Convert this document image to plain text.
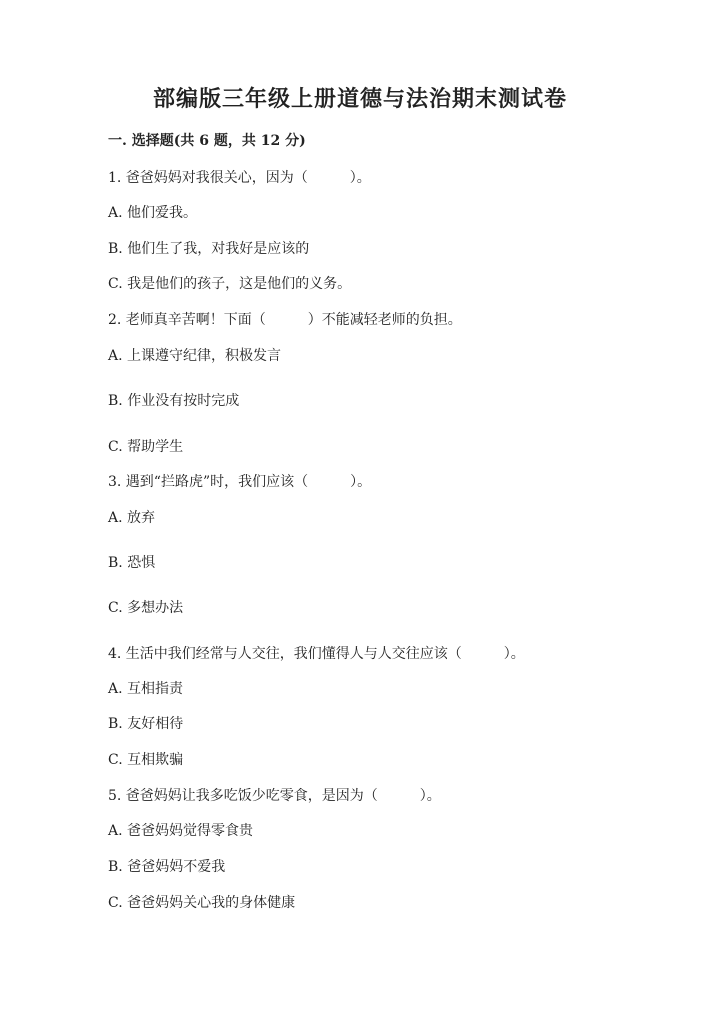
部编版三年级上册道德与法治期末测试卷
一. 选择题(共 6 题，共 12 分)
1. 爸爸妈妈对我很关心，因为（　　　）。
A. 他们爱我。
B. 他们生了我，对我好是应该的
C. 我是他们的孩子，这是他们的义务。
2. 老师真辛苦啊！下面（　　　）不能减轻老师的负担。
A. 上课遵守纪律，积极发言
B. 作业没有按时完成
C. 帮助学生
3. 遇到“拦路虎”时，我们应该（　　　）。
A. 放弃
B. 恐惧
C. 多想办法
4. 生活中我们经常与人交往，我们懂得人与人交往应该（　　　）。
A. 互相指责
B. 友好相待
C. 互相欺骗
5. 爸爸妈妈让我多吃饭少吃零食，是因为（　　　）。
A. 爸爸妈妈觉得零食贵
B. 爸爸妈妈不爱我
C. 爸爸妈妈关心我的身体健康
